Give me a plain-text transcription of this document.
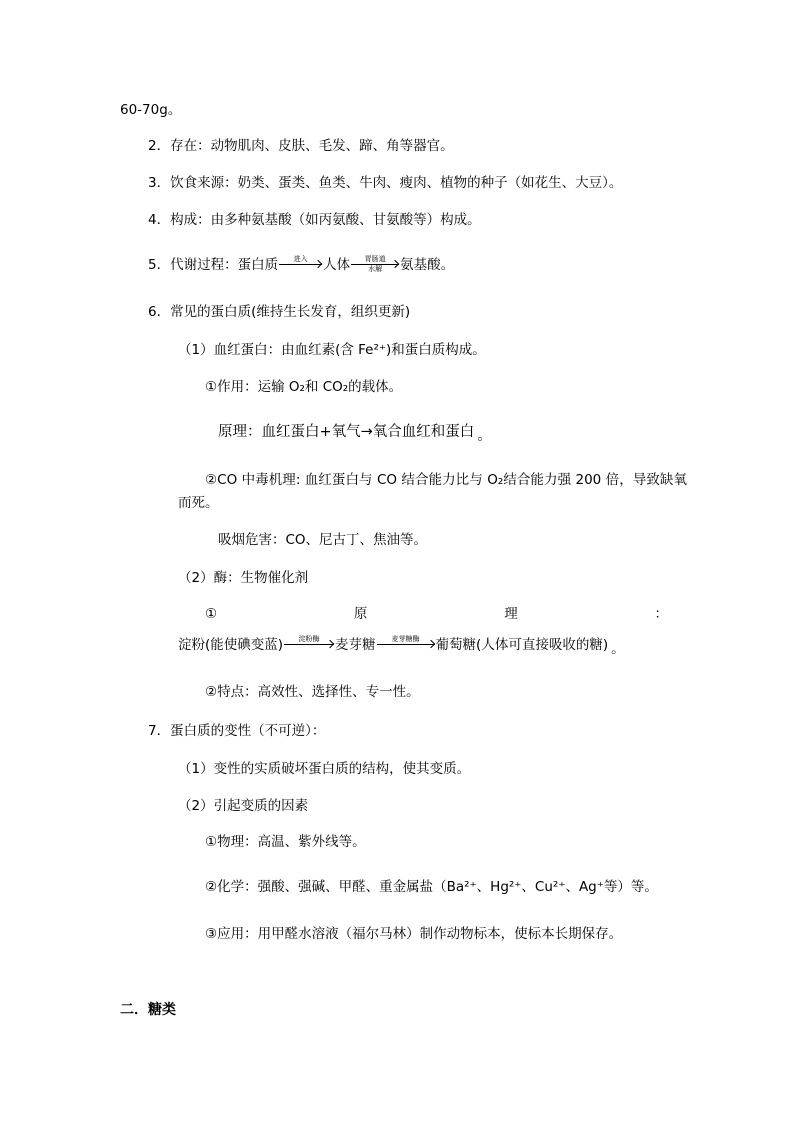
60-70g。
2．存在：动物肌肉、皮肤、毛发、蹄、角等器官。
3．饮食来源：奶类、蛋类、鱼类、牛肉、瘦肉、植物的种子（如花生、大豆）。
4．构成：由多种氨基酸（如丙氨酸、甘氨酸等）构成。
5．代谢过程：蛋白质	进入	人体	胃肠道
水解	氨基酸。
6．常见的蛋白质(维持生长发育，组织更新)
（1）血红蛋白：由血红素(含 Fe²⁺)和蛋白质构成。
①作用：运输 O₂和 CO₂的载体。
原理：血红蛋白+氧气→氧合血红和蛋白 。
②CO 中毒机理: 血红蛋白与 CO 结合能力比与 O₂结合能力强 200 倍，导致缺氧
而死。
吸烟危害：CO、尼古丁、焦油等。
（2）酶：生物催化剂
①	原	理	：
淀粉(能使碘变蓝)	淀粉酶	麦芽糖	麦芽糖酶	葡萄糖(人体可直接吸收的糖) 。
②特点：高效性、选择性、专一性。
7．蛋白质的变性（不可逆）：
（1）变性的实质破坏蛋白质的结构，使其变质。
（2）引起变质的因素
①物理：高温、紫外线等。
②化学：强酸、强碱、甲醛、重金属盐（Ba²⁺、Hg²⁺、Cu²⁺、Ag⁺等）等。
③应用：用甲醛水溶液（福尔马林）制作动物标本，使标本长期保存。
二．糖类
